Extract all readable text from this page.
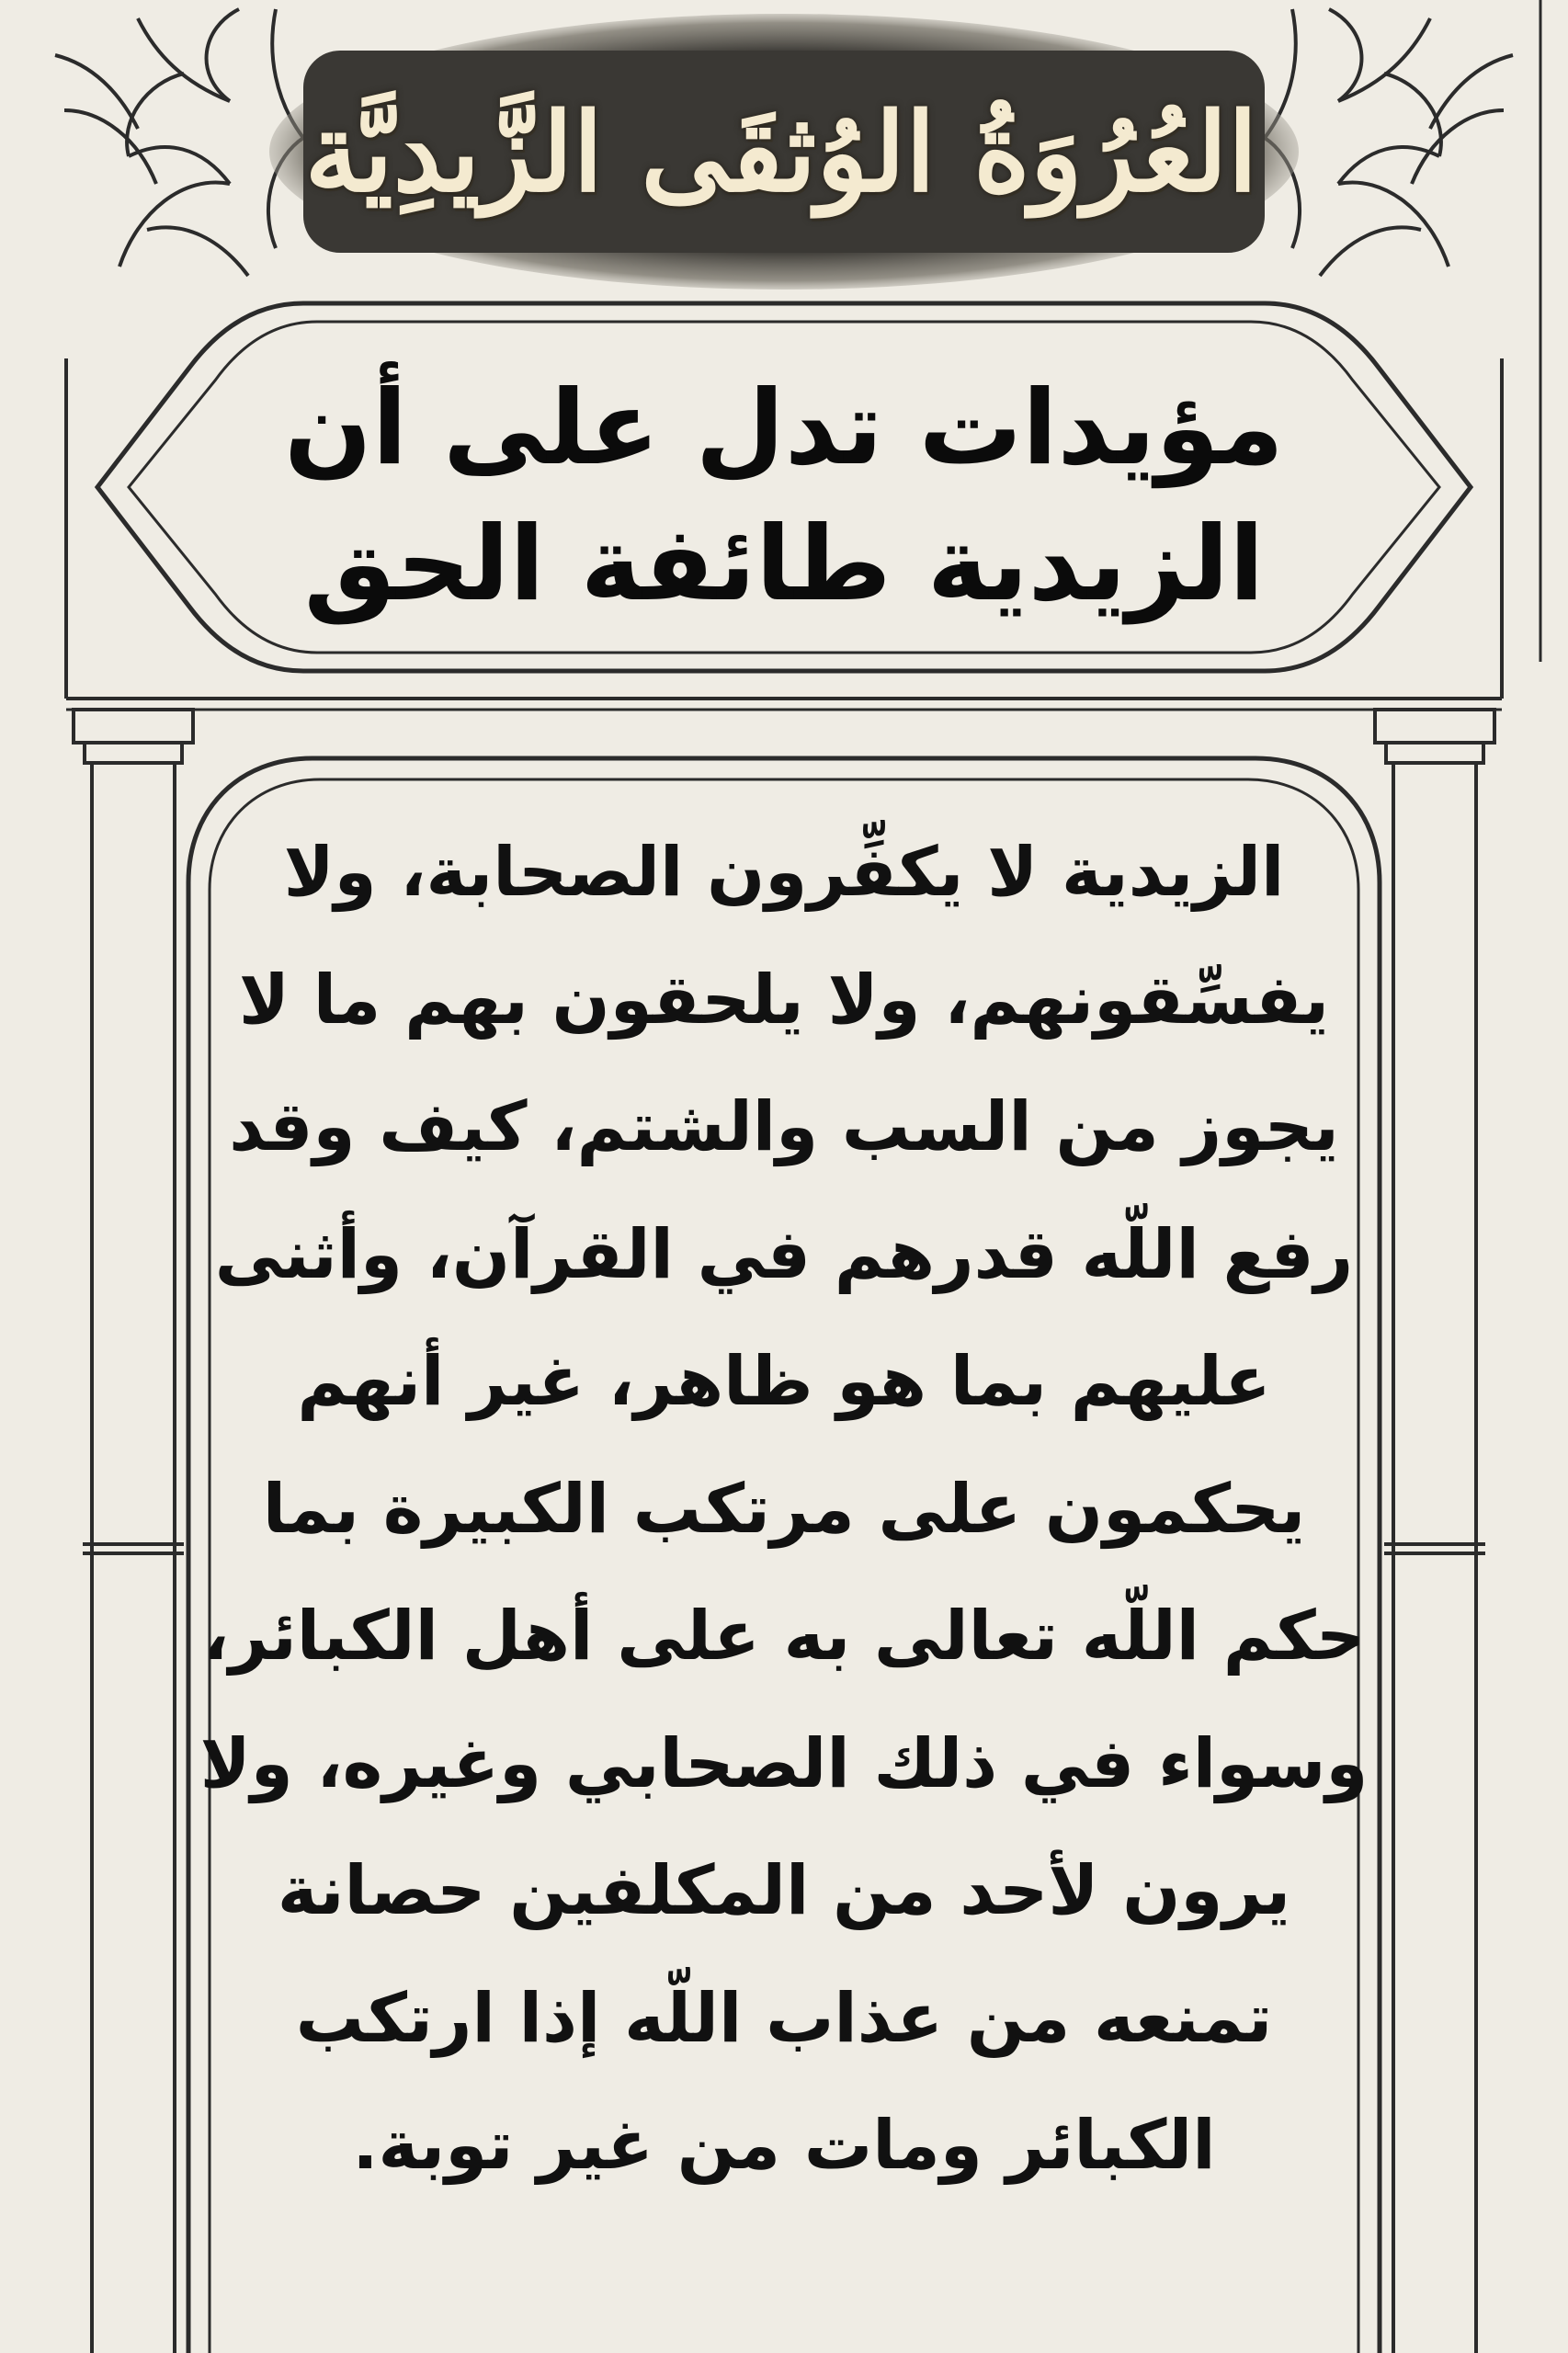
العُرُوَةُ الوُثقَى الزَّيدِيَّة
مؤيدات تدل على أن
الزيدية طائفة الحق
الزيدية لا يكفِّرون الصحابة، ولا
يفسِّقونهم، ولا يلحقون بهم ما لا
يجوز من السب والشتم، كيف وقد
رفع اللّه قدرهم في القرآن، وأثنى
عليهم بما هو ظاهر، غير أنهم
يحكمون على مرتكب الكبيرة بما
حكم اللّه تعالى به على أهل الكبائر،
وسواء في ذلك الصحابي وغيره، ولا
يرون لأحد من المكلفين حصانة
تمنعه من عذاب اللّه إذا ارتكب
الكبائر ومات من غير توبة.
